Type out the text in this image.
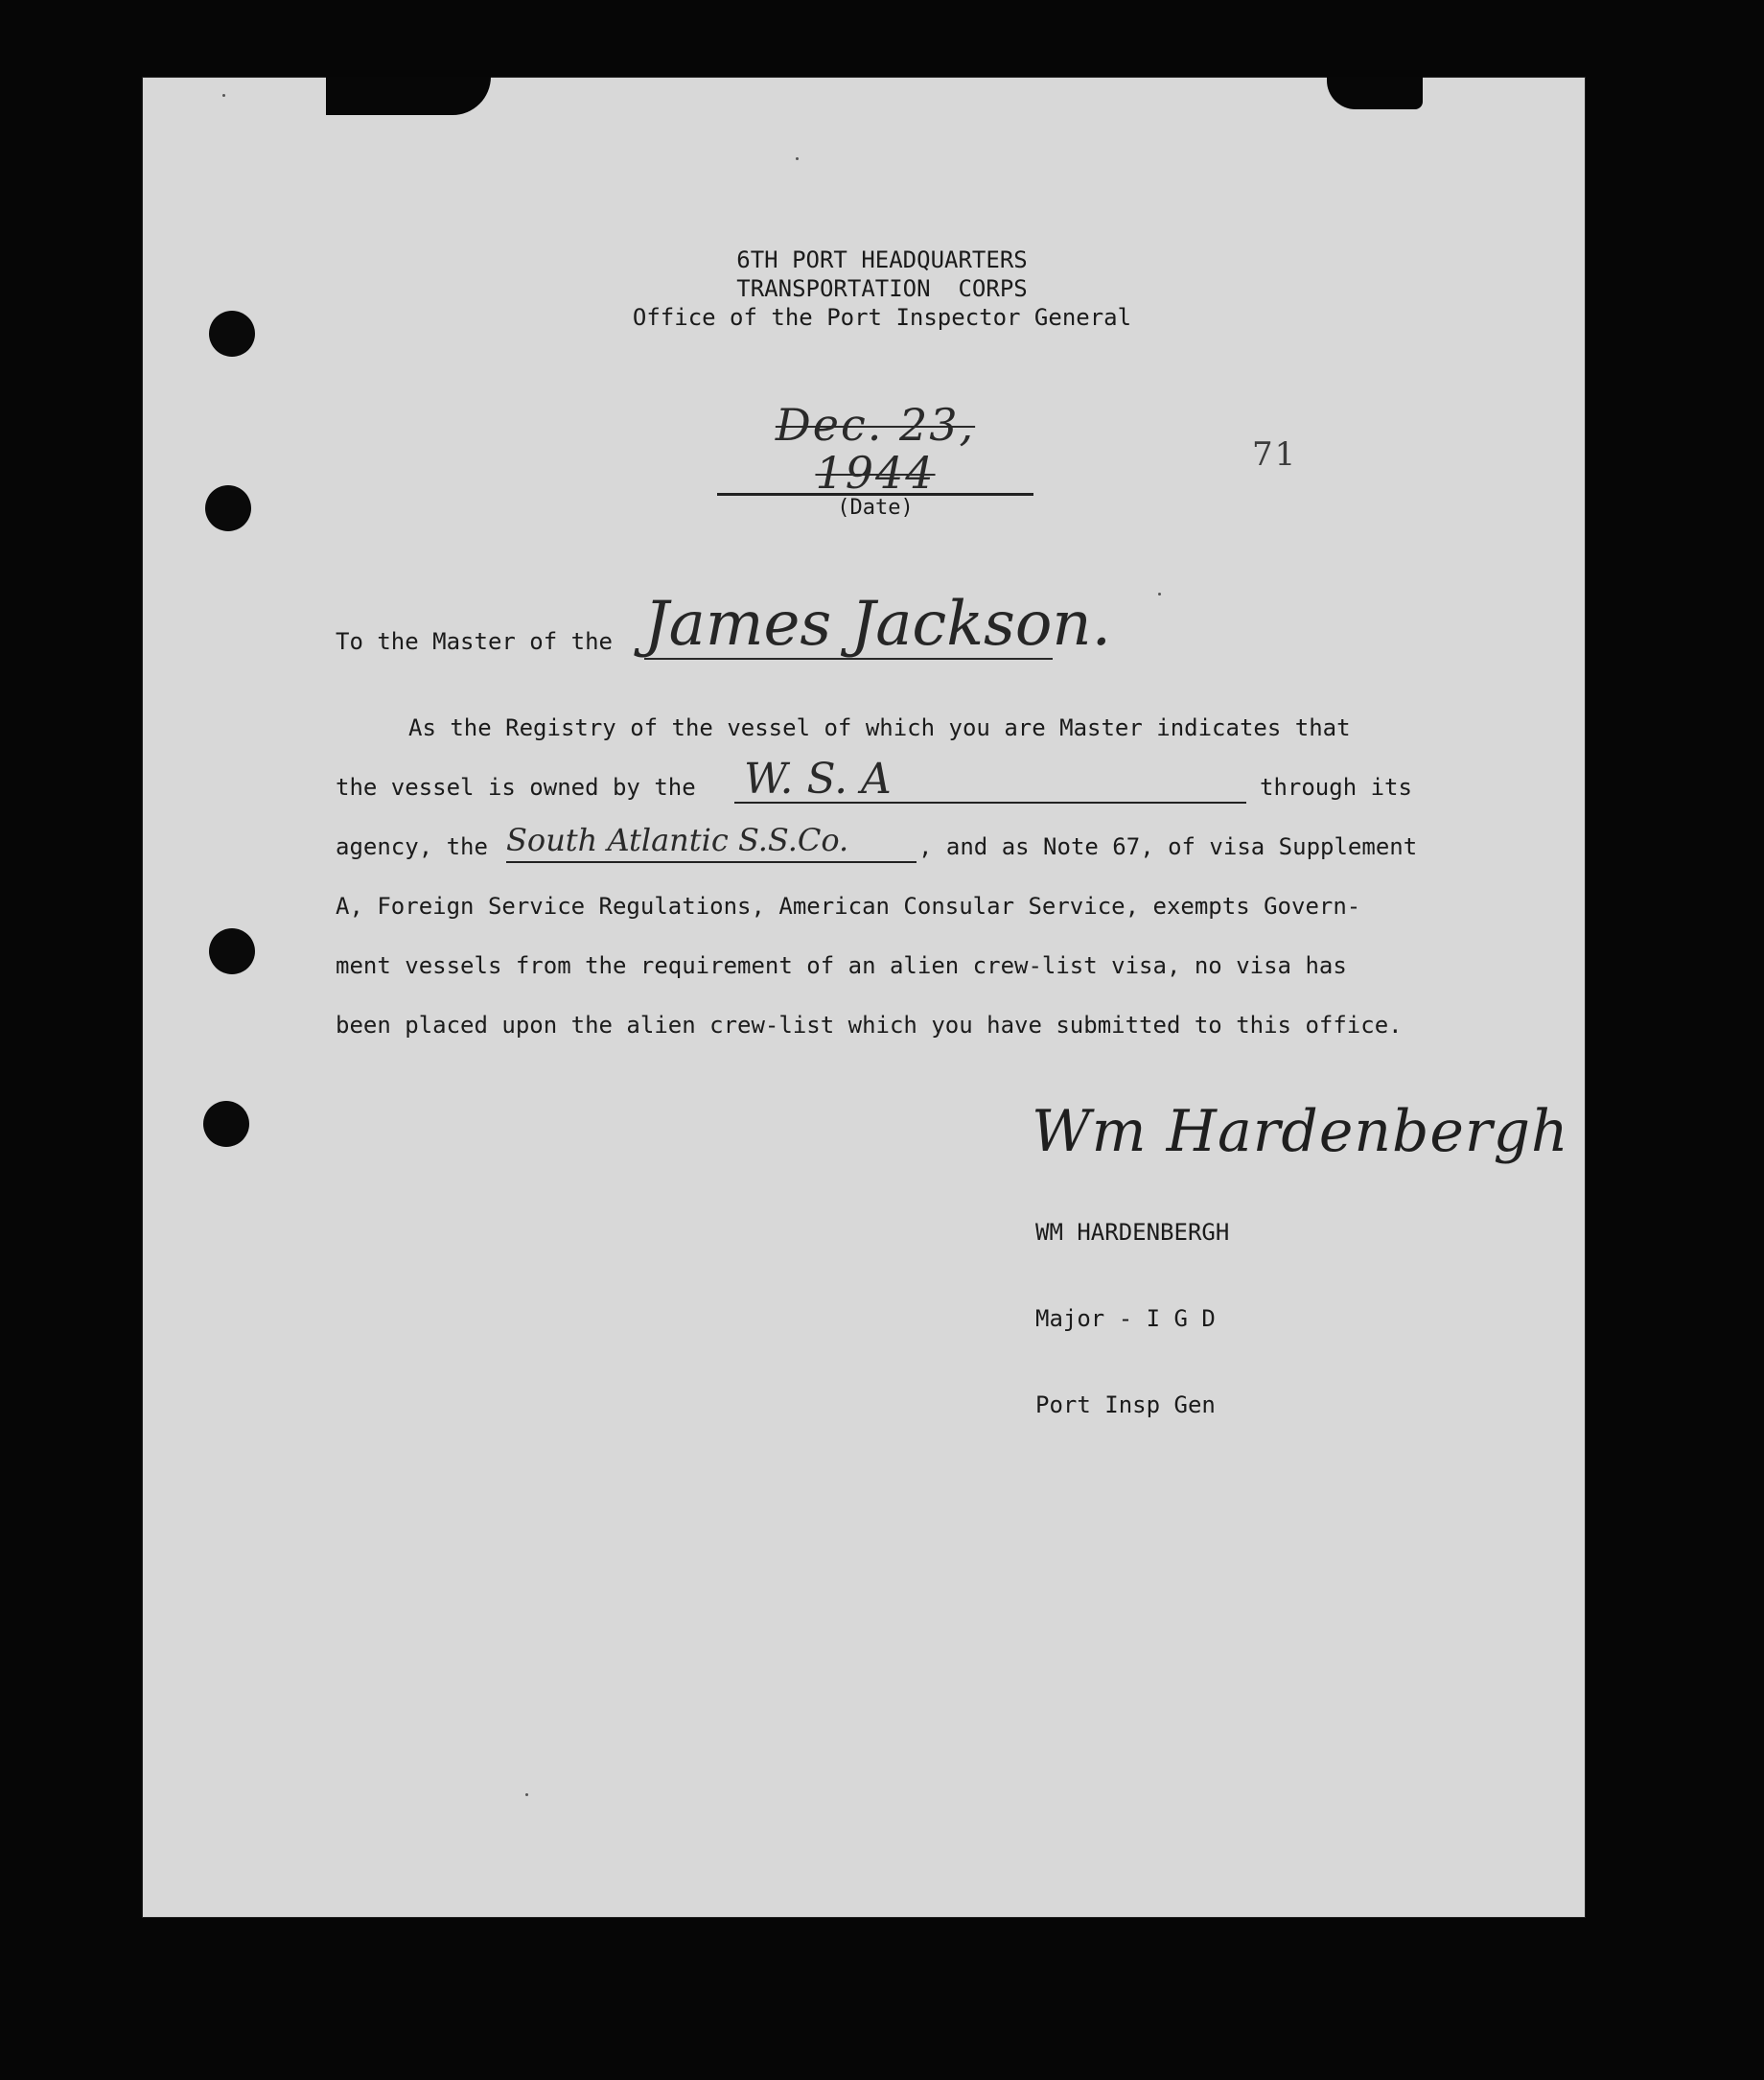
6TH PORT HEADQUARTERS
TRANSPORTATION  CORPS
Office of the Port Inspector General
Dec. 23, 1944
(Date)
71
To the Master of the James Jackson.
As the Registry of the vessel of which you are Master indicates that
the vessel is owned by the W. S. A	through its
agency, the South Atlantic S.S.Co.	, and as Note 67, of visa Supplement
A, Foreign Service Regulations, American Consular Service, exempts Govern-
ment vessels from the requirement of an alien crew-list visa, no visa has
been placed upon the alien crew-list which you have submitted to this office.
Wm Hardenbergh

WM HARDENBERGH

Major - I G D

Port Insp Gen
